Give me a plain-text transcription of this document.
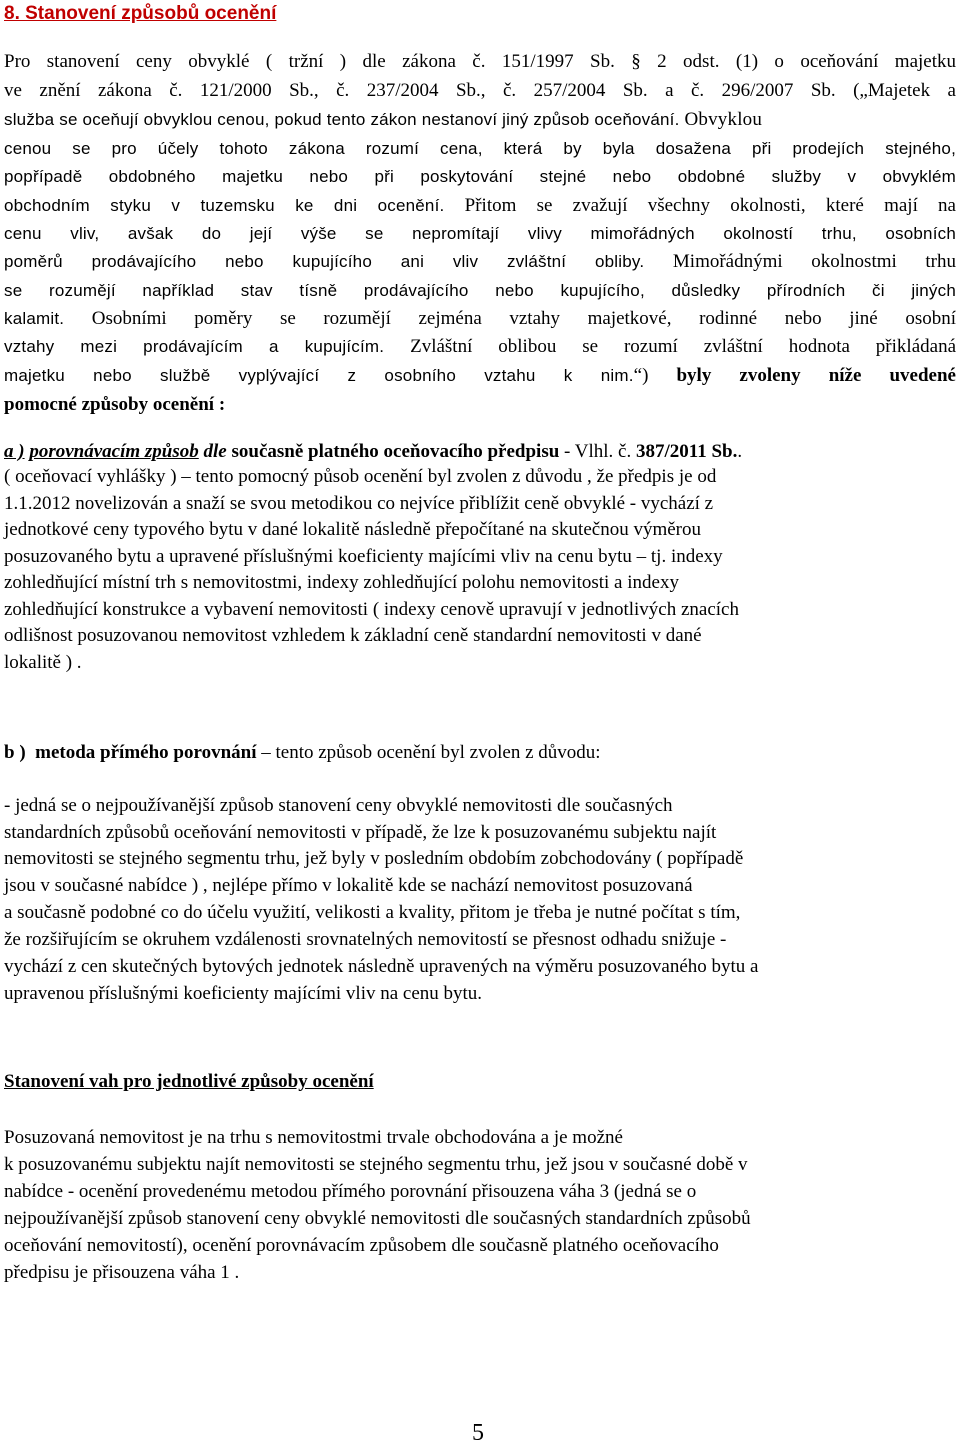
8. Stanovení způsobů ocenění
Pro stanovení ceny obvyklé ( tržní ) dle zákona č. 151/1997 Sb. § 2 odst. (1) o oceňování majetku
ve znění zákona č. 121/2000 Sb., č. 237/2004 Sb., č. 257/2004 Sb. a č. 296/2007 Sb. („Majetek a
služba se oceňují obvyklou cenou, pokud tento zákon nestanoví jiný způsob oceňování. Obvyklou
cenou se pro účely tohoto zákona rozumí cena, která by byla dosažena při prodejích stejného,
popřípadě obdobného majetku nebo při poskytování stejné nebo obdobné služby v obvyklém
obchodním styku v tuzemsku ke dni ocenění. Přitom se zvažují všechny okolnosti, které mají na
cenu vliv, avšak do její výše se nepromítají vlivy mimořádných okolností trhu, osobních
poměrů prodávajícího nebo kupujícího ani vliv zvláštní obliby. Mimořádnými okolnostmi trhu
se rozumějí například stav tísně prodávajícího nebo kupujícího, důsledky přírodních či jiných
kalamit. Osobními poměry se rozumějí zejména vztahy majetkové, rodinné nebo jiné osobní
vztahy mezi prodávajícím a kupujícím. Zvláštní oblibou se rozumí zvláštní hodnota přikládaná
majetku nebo službě vyplývající z osobního vztahu k nim.“) byly zvoleny níže uvedené
pomocné způsoby ocenění :
a ) porovnávacím způsob dle současně platného oceňovacího předpisu - Vlhl. č. 387/2011 Sb..
( oceňovací vyhlášky ) – tento pomocný působ ocenění byl zvolen z důvodu , že předpis je od
1.1.2012 novelizován a snaží se svou metodikou co nejvíce přiblížit ceně obvyklé - vychází z
jednotkové ceny typového bytu v dané lokalitě následně přepočítané na skutečnou výměrou
posuzovaného bytu a upravené příslušnými koeficienty majícími vliv na cenu bytu – tj. indexy
zohledňující místní trh s nemovitostmi, indexy zohledňující polohu nemovitosti a indexy
zohledňující konstrukce a vybavení nemovitosti ( indexy cenově upravují v jednotlivých znacích
odlišnost posuzovanou nemovitost vzhledem k základní ceně standardní nemovitosti v dané
lokalitě ) .
b ) metoda přímého porovnání – tento způsob ocenění byl zvolen z důvodu:
- jedná se o nejpoužívanější způsob stanovení ceny obvyklé nemovitosti dle současných
standardních způsobů oceňování nemovitosti v případě, že lze k posuzovanému subjektu najít
nemovitosti se stejného segmentu trhu, jež byly v posledním obdobím zobchodovány ( popřípadě
jsou v současné nabídce ) , nejlépe přímo v lokalitě kde se nachází nemovitost posuzovaná
a současně podobné co do účelu využití, velikosti a kvality, přitom je třeba je nutné počítat s tím,
že rozšiřujícím se okruhem vzdálenosti srovnatelných nemovitostí se přesnost odhadu snižuje -
vychází z cen skutečných bytových jednotek následně upravených na výměru posuzovaného bytu a
upravenou příslušnými koeficienty majícími vliv na cenu bytu.
Stanovení vah pro jednotlivé způsoby ocenění
Posuzovaná nemovitost je na trhu s nemovitostmi trvale obchodována a je možné
k posuzovanému subjektu najít nemovitosti se stejného segmentu trhu, jež jsou v současné době v
nabídce - ocenění provedenému metodou přímého porovnání přisouzena váha 3 (jedná se o
nejpoužívanější způsob stanovení ceny obvyklé nemovitosti dle současných standardních způsobů
oceňování nemovitostí), ocenění porovnávacím způsobem dle současně platného oceňovacího
předpisu je přisouzena váha 1 .
5
